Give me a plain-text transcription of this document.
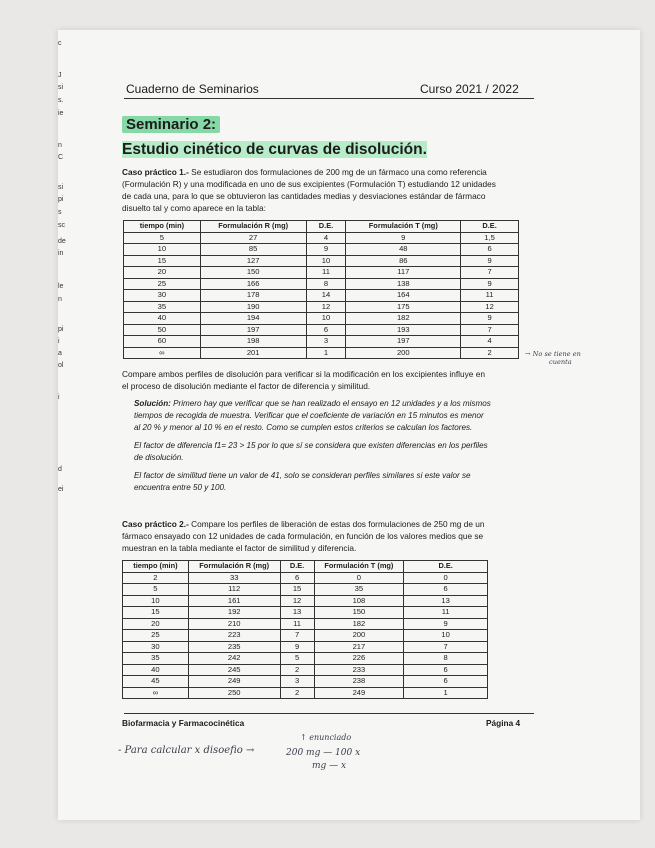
c
J
si
s.
ie
n
C
si
pi
s
sc
de
in
le
n
pi
i
a
ol
i
d
ei
Cuaderno de Seminarios	Curso 2021 / 2022
Seminario 2:
Estudio cinético de curvas de disolución.
Caso práctico 1.- Se estudiaron dos formulaciones de 200 mg de un fármaco una como referencia
(Formulación R) y una modificada en uno de sus excipientes (Formulación T) estudiando 12 unidades
de cada una, para lo que se obtuvieron las cantidades medias y desviaciones estándar de fármaco
disuelto tal y como aparece en la tabla:
tiempo (min)	Formulación R (mg)	D.E.	Formulación T (mg)	D.E.
5	27	4	9	1,5
10	85	9	48	6
15	127	10	86	9
20	150	11	117	7
25	166	8	138	9
30	178	14	164	11
35	190	12	175	12
40	194	10	182	9
50	197	6	193	7
60	198	3	197	4
∞	201	1	200	2	→ No se tiene en
cuenta
Compare ambos perfiles de disolución para verificar si la modificación en los excipientes influye en
el proceso de disolución mediante el factor de diferencia y similitud.
Solución: Primero hay que verificar que se han realizado el ensayo en 12 unidades y a los mismos
tiempos de recogida de muestra. Verificar que el coeficiente de variación en 15 minutos es menor
al 20 % y menor al 10 % en el resto. Como se cumplen estos criterios se calculan los factores.
El factor de diferencia f1= 23 > 15 por lo que sí se considera que existen diferencias en los perfiles
de disolución.
El factor de similitud tiene un valor de 41, solo se consideran perfiles similares si este valor se
encuentra entre 50 y 100.
Caso práctico 2.- Compare los perfiles de liberación de estas dos formulaciones de 250 mg de un
fármaco ensayado con 12 unidades de cada formulación, en función de los valores medios que se
muestran en la tabla mediante el factor de similitud y diferencia.
tiempo (min)	Formulación R (mg)	D.E.	Formulación T (mg)	D.E.
2	33	6	0	0
5	112	15	35	6
10	161	12	108	13
15	192	13	150	11
20	210	11	182	9
25	223	7	200	10
30	235	9	217	7
35	242	5	226	8
40	245	2	233	6
45	249	3	238	6
∞	250	2	249	1
Biofarmacia y Farmacocinética	Página 4
- Para calcular x disoefio →
↑ enunciado
200 mg — 100 x
mg — x
